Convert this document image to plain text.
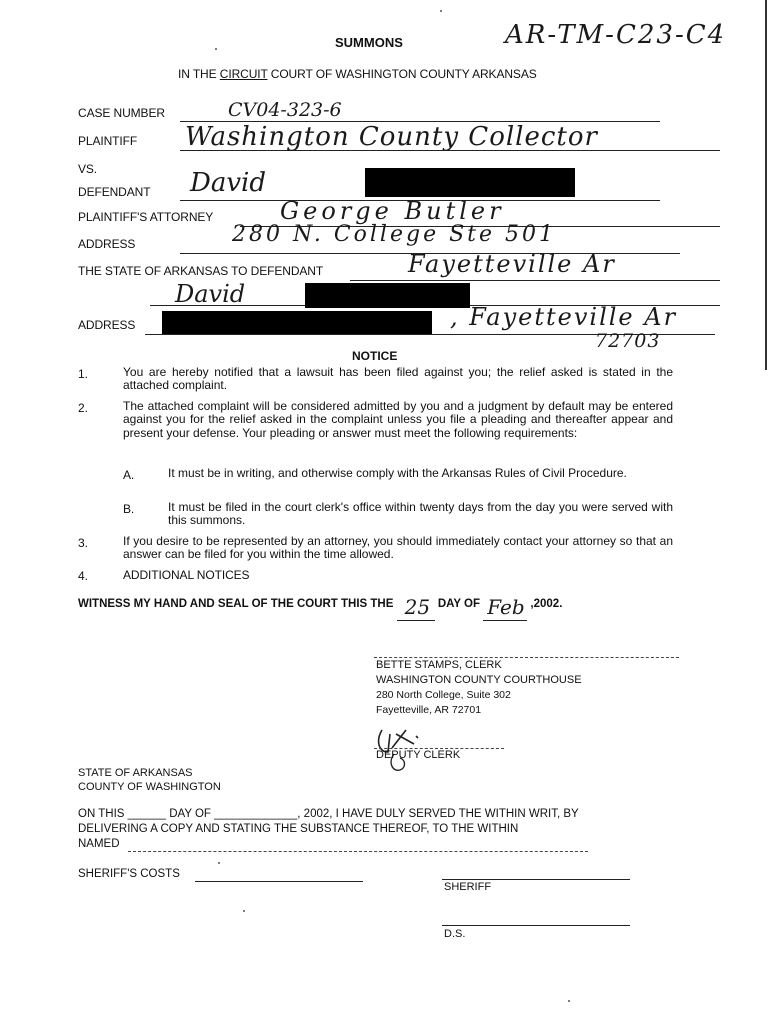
SUMMONS	AR-TM-C23-C4
IN THE CIRCUIT COURT OF WASHINGTON COUNTY ARKANSAS
CASE NUMBER	CV04-323-6
PLAINTIFF Washington County Collector
VS.
DEFENDANT David
PLAINTIFF'S ATTORNEY	George Butler
ADDRESS	280 N. College Ste 501
THE STATE OF ARKANSAS TO DEFENDANT	Fayetteville Ar
David
ADDRESS	, Fayetteville Ar
72703
NOTICE
1.	You are hereby notified that a lawsuit has been filed against you; the relief asked is stated in the attached complaint.
2.	The attached complaint will be considered admitted by you and a judgment by default may be entered against you for the relief asked in the complaint unless you file a pleading and thereafter appear and present your defense. Your pleading or answer must meet the following requirements:
A.	It must be in writing, and otherwise comply with the Arkansas Rules of Civil Procedure.
B.	It must be filed in the court clerk's office within twenty days from the day you were served with this summons.
3.	If you desire to be represented by an attorney, you should immediately contact your attorney so that an answer can be filed for you within the time allowed.
4.	ADDITIONAL NOTICES
WITNESS MY HAND AND SEAL OF THE COURT THIS THE 25 DAY OF Feb ,2002.
BETTE STAMPS, CLERK
WASHINGTON COUNTY COURTHOUSE
280 North College, Suite 302
Fayetteville, AR 72701
DEPUTY CLERK
STATE OF ARKANSAS
COUNTY OF WASHINGTON
ON THIS ______ DAY OF _____________, 2002, I HAVE DULY SERVED THE WITHIN WRIT, BY
DELIVERING A COPY AND STATING THE SUBSTANCE THEREOF, TO THE WITHIN
NAMED
SHERIFF'S COSTS
SHERIFF
D.S.
